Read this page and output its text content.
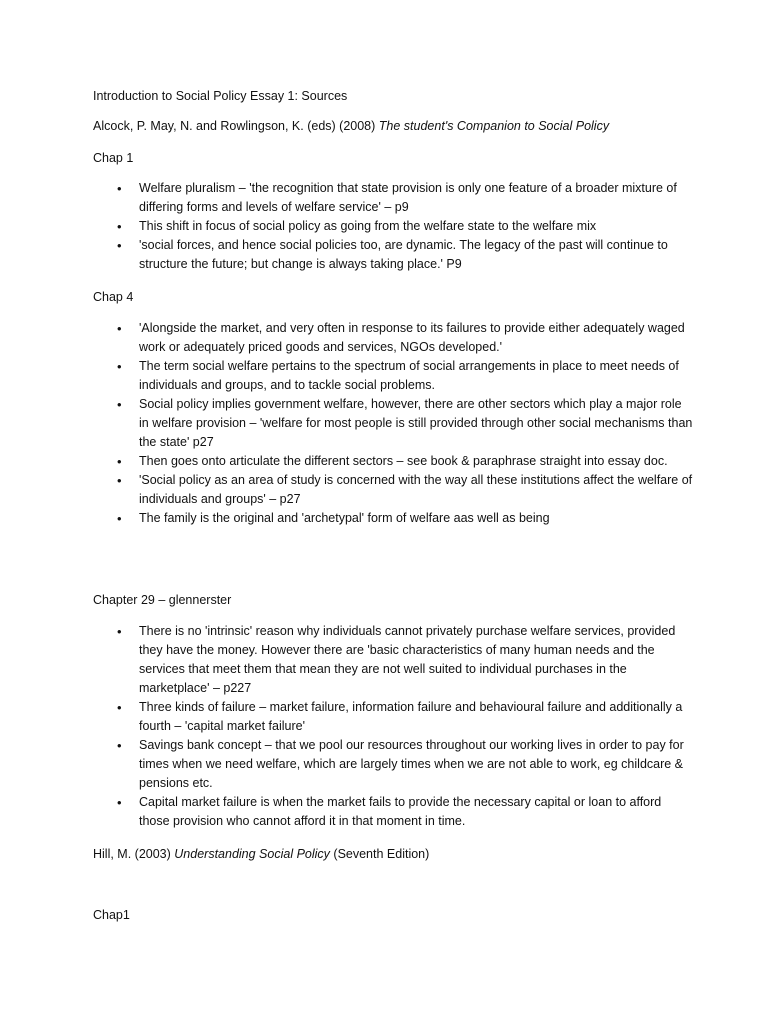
Introduction to Social Policy Essay 1: Sources

Alcock, P. May, N. and Rowlingson, K. (eds) (2008) The student's Companion to Social Policy

Chap 1

• Welfare pluralism – 'the recognition that state provision is only one feature of a broader mixture of differing forms and levels of welfare service' – p9
• This shift in focus of social policy as going from the welfare state to the welfare mix
• 'social forces, and hence social policies too, are dynamic. The legacy of the past will continue to structure the future; but change is always taking place.' P9

Chap 4

• 'Alongside the market, and very often in response to its failures to provide either adequately waged work or adequately priced goods and services, NGOs developed.'
• The term social welfare pertains to the spectrum of social arrangements in place to meet needs of individuals and groups, and to tackle social problems.
• Social policy implies government welfare, however, there are other sectors which play a major role in welfare provision – 'welfare for most people is still provided through other social mechanisms than the state' p27
• Then goes onto articulate the different sectors – see book & paraphrase straight into essay doc.
• 'Social policy as an area of study is concerned with the way all these institutions affect the welfare of individuals and groups' – p27
• The family is the original and 'archetypal' form of welfare aas well as being

Chapter 29 – glennerster

• There is no 'intrinsic' reason why individuals cannot privately purchase welfare services, provided they have the money. However there are 'basic characteristics of many human needs and the services that meet them that mean they are not well suited to individual purchases in the marketplace' – p227
• Three kinds of failure – market failure, information failure and behavioural failure and additionally a fourth – 'capital market failure'
• Savings bank concept – that we pool our resources throughout our working lives in order to pay for times when we need welfare, which are largely times when we are not able to work, eg childcare & pensions etc.
• Capital market failure is when the market fails to provide the necessary capital or loan to afford those provision who cannot afford it in that moment in time.

Hill, M. (2003) Understanding Social Policy (Seventh Edition)

Chap1
